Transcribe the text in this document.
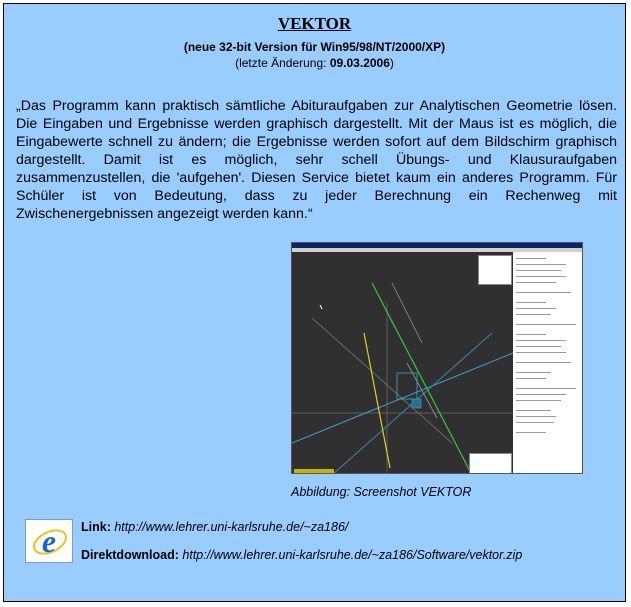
VEKTOR
(neue 32-bit Version für Win95/98/NT/2000/XP)
(letzte Änderung: 09.03.2006)
„Das Programm kann praktisch sämtliche Abituraufgaben zur Analytischen Geometrie lösen. Die Eingaben und Ergebnisse werden graphisch dargestellt. Mit der Maus ist es möglich, die Eingabewerte schnell zu ändern; die Ergebnisse werden sofort auf dem Bildschirm graphisch dargestellt. Damit ist es möglich, sehr schell Übungs- und Klausuraufgaben zusammenzustellen, die 'aufgehen'. Diesen Service bietet kaum ein anderes Programm. Für Schüler ist von Bedeutung, dass zu jeder Berechnung ein Rechenweg mit Zwischenergebnissen angezeigt werden kann.“
Abbildung: Screenshot VEKTOR
e Link: http://www.lehrer.uni-karlsruhe.de/~za186/
Direktdownload: http://www.lehrer.uni-karlsruhe.de/~za186/Software/vektor.zip
